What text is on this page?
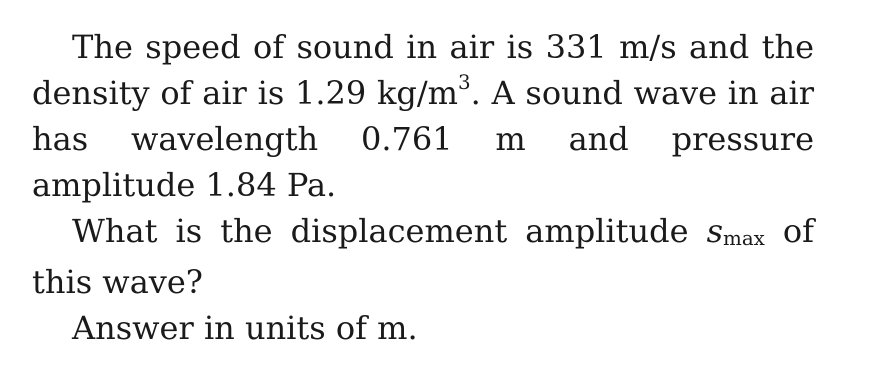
The speed of sound in air is 331 m/s and the density of air is 1.29 $kg/m^3$. A sound wave in air has wavelength 0.761 m and pressure amplitude 1.84 Pa.

What is the displacement amplitude smax of this wave?

Answer in units of m.
